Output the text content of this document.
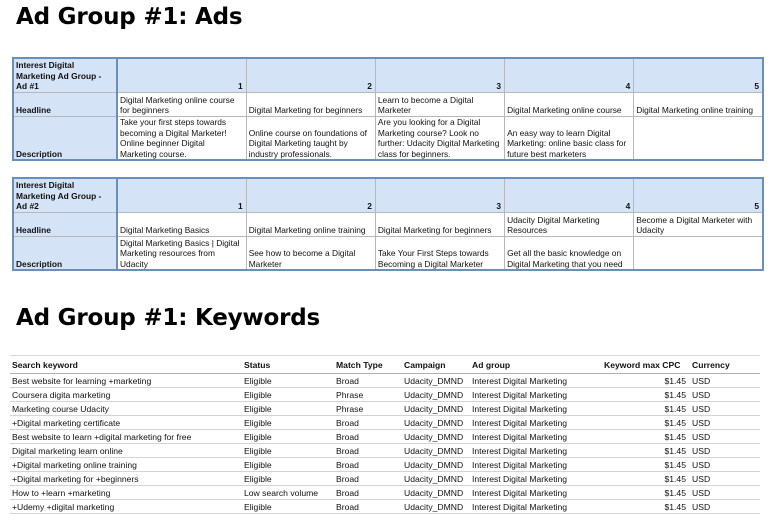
Ad Group #1: Ads
Interest Digital Marketing Ad Group - Ad #1	1	2	3	4	5
Headline	Digital Marketing online course for beginners	Digital Marketing for beginners	Learn to become a Digital Marketer	Digital Marketing online course	Digital Marketing online training
Description	Take your first steps towards becoming a Digital Marketer! Online beginner Digital Marketing course.	Online course on foundations of Digital Marketing taught by industry professionals.	Are you looking for a Digital Marketing course? Look no further: Udacity Digital Marketing class for beginners.	An easy way to learn Digital Marketing: online basic class for future best marketers	
Interest Digital Marketing Ad Group - Ad #2	1	2	3	4	5
Headline	Digital Marketing Basics	Digital Marketing online training	Digital Marketing for beginners	Udacity Digital Marketing Resources	Become a Digital Marketer with Udacity
Description	Digital Marketing Basics | Digital Marketing resources from Udacity	See how to become a Digital Marketer	Take Your First Steps towards Becoming a Digital Marketer	Get all the basic knowledge on Digital Marketing that you need	
Ad Group #1: Keywords
Search keyword	Status	Match Type	Campaign	Ad group	Keyword max CPC	Currency
Best website for learning +marketing	Eligible	Broad	Udacity_DMND	Interest Digital Marketing	$1.45	USD
Coursera digita marketing	Eligible	Phrase	Udacity_DMND	Interest Digital Marketing	$1.45	USD
Marketing course Udacity	Eligible	Phrase	Udacity_DMND	Interest Digital Marketing	$1.45	USD
+Digital marketing certificate	Eligible	Broad	Udacity_DMND	Interest Digital Marketing	$1.45	USD
Best website to learn +digital marketing for free	Eligible	Broad	Udacity_DMND	Interest Digital Marketing	$1.45	USD
Digital marketing learn online	Eligible	Broad	Udacity_DMND	Interest Digital Marketing	$1.45	USD
+Digital marketing online training	Eligible	Broad	Udacity_DMND	Interest Digital Marketing	$1.45	USD
+Digital marketing for +beginners	Eligible	Broad	Udacity_DMND	Interest Digital Marketing	$1.45	USD
How to +learn +marketing	Low search volume	Broad	Udacity_DMND	Interest Digital Marketing	$1.45	USD
+Udemy +digital marketing	Eligible	Broad	Udacity_DMND	Interest Digital Marketing	$1.45	USD
